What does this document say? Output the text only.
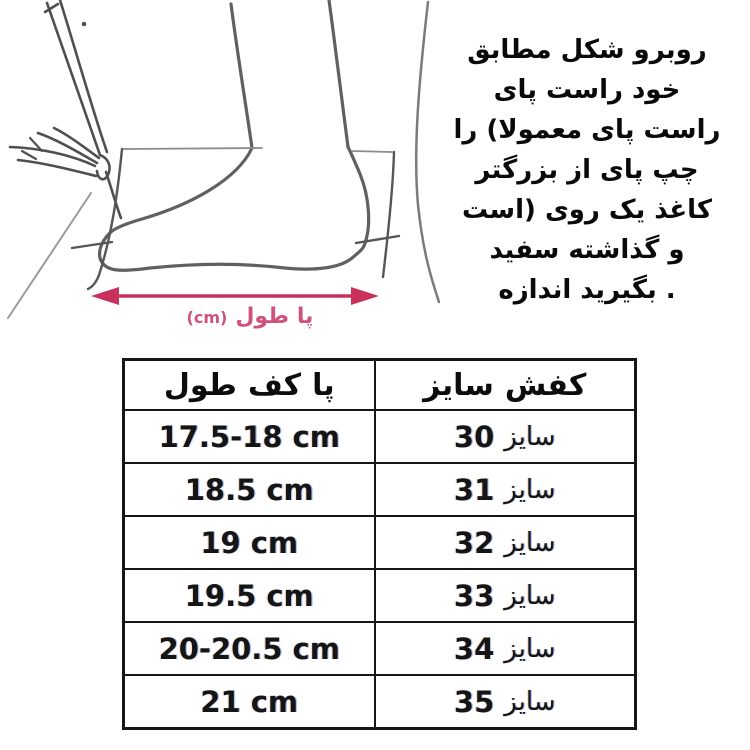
(cm) طول پا
مطابق شکل روبرو
پای راست خود
را (معمولا پای راست
بزرگتر از پای چپ
است) روی یک کاغذ
سفید گذاشته و
اندازه بگیرید .
طول کف پا	سایز کفش

17.5-18 cm	30 سایز

18.5 cm	31 سایز

19 cm	32 سایز

19.5 cm	33 سایز

20-20.5 cm	34 سایز

21 cm	35 سایز
